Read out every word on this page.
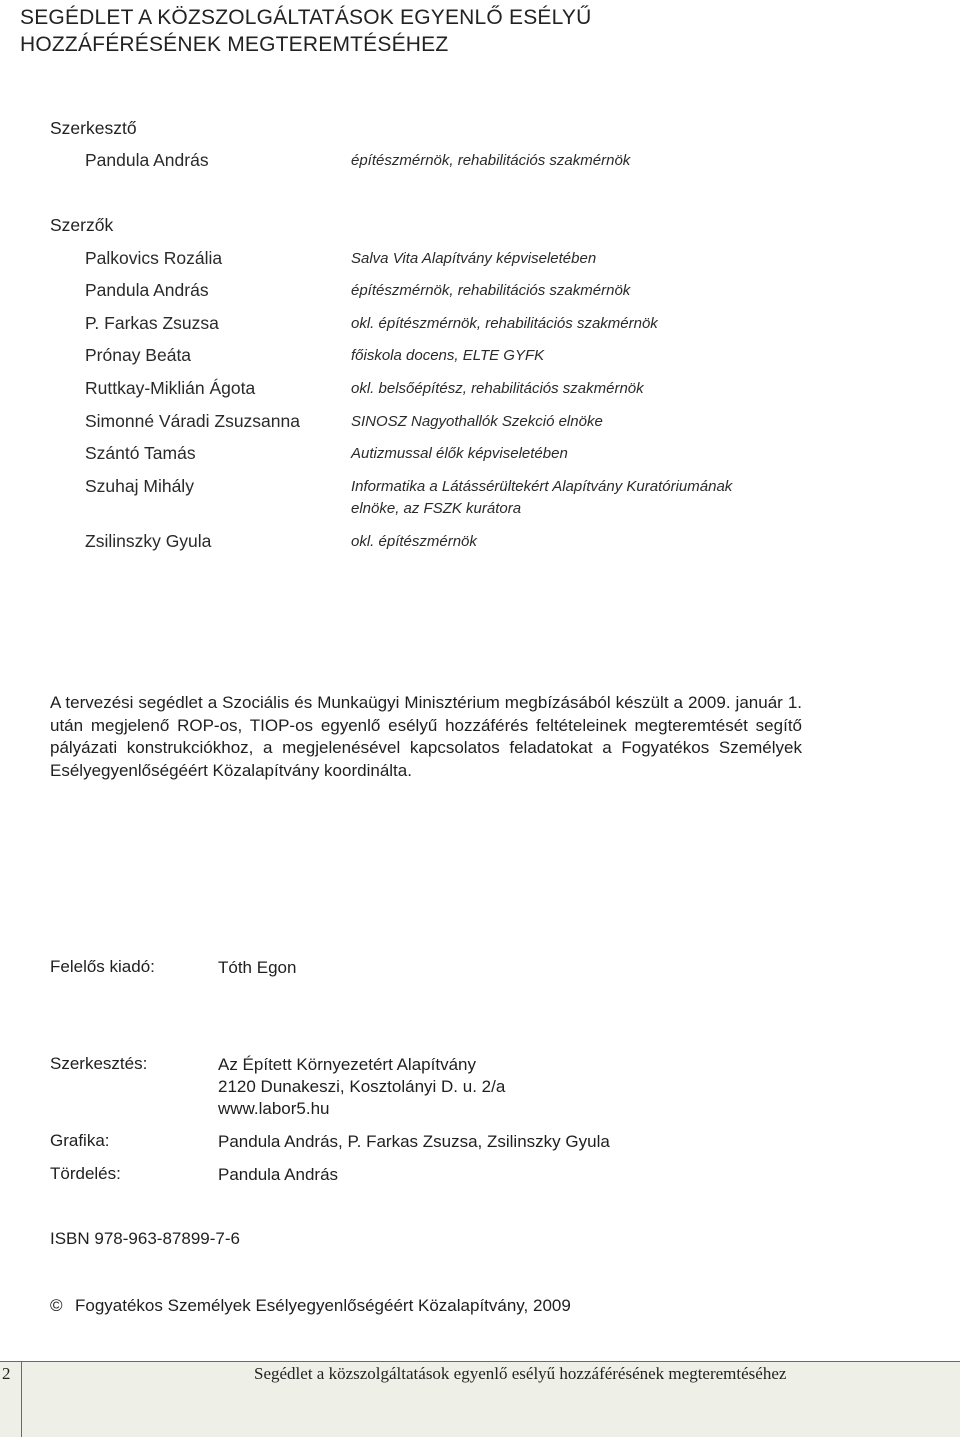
SEGÉDLET A KÖZSZOLGÁLTATÁSOK EGYENLŐ ESÉLYŰ
HOZZÁFÉRÉSÉNEK MEGTEREMTÉSÉHEZ
Szerkesztő
Pandula András	építészmérnök, rehabilitációs szakmérnök
Szerzők
Palkovics Rozália	Salva Vita Alapítvány képviseletében
Pandula András	építészmérnök, rehabilitációs szakmérnök
P. Farkas Zsuzsa	okl. építészmérnök, rehabilitációs szakmérnök
Prónay Beáta	főiskola docens, ELTE GYFK
Ruttkay-Miklián Ágota	okl. belsőépítész, rehabilitációs szakmérnök
Simonné Váradi Zsuzsanna	SINOSZ Nagyothallók Szekció elnöke
Szántó Tamás	Autizmussal élők képviseletében
Szuhaj Mihály	Informatika a Látássérültekért Alapítvány Kuratóriumának
elnöke, az FSZK kurátora
Zsilinszky Gyula	okl. építészmérnök
A tervezési segédlet a Szociális és Munkaügyi Minisztérium megbízásából készült a 2009. január 1. után megjelenő ROP-os, TIOP-os egyenlő esélyű hozzáférés feltételeinek megteremtését segítő pályázati konstrukciókhoz, a megjelenésével kapcsolatos feladatokat a Fogyatékos Személyek Esélyegyenlőségéért Közalapítvány koordinálta.
Felelős kiadó:	Tóth Egon
Szerkesztés:	Az Épített Környezetért Alapítvány
2120 Dunakeszi, Kosztolányi D. u. 2/a
www.labor5.hu
Grafika:	Pandula András, P. Farkas Zsuzsa, Zsilinszky Gyula
Tördelés:	Pandula András
ISBN 978-963-87899-7-6
© Fogyatékos Személyek Esélyegyenlőségéért Közalapítvány, 2009
2	Segédlet a közszolgáltatások egyenlő esélyű hozzáférésének megteremtéséhez
